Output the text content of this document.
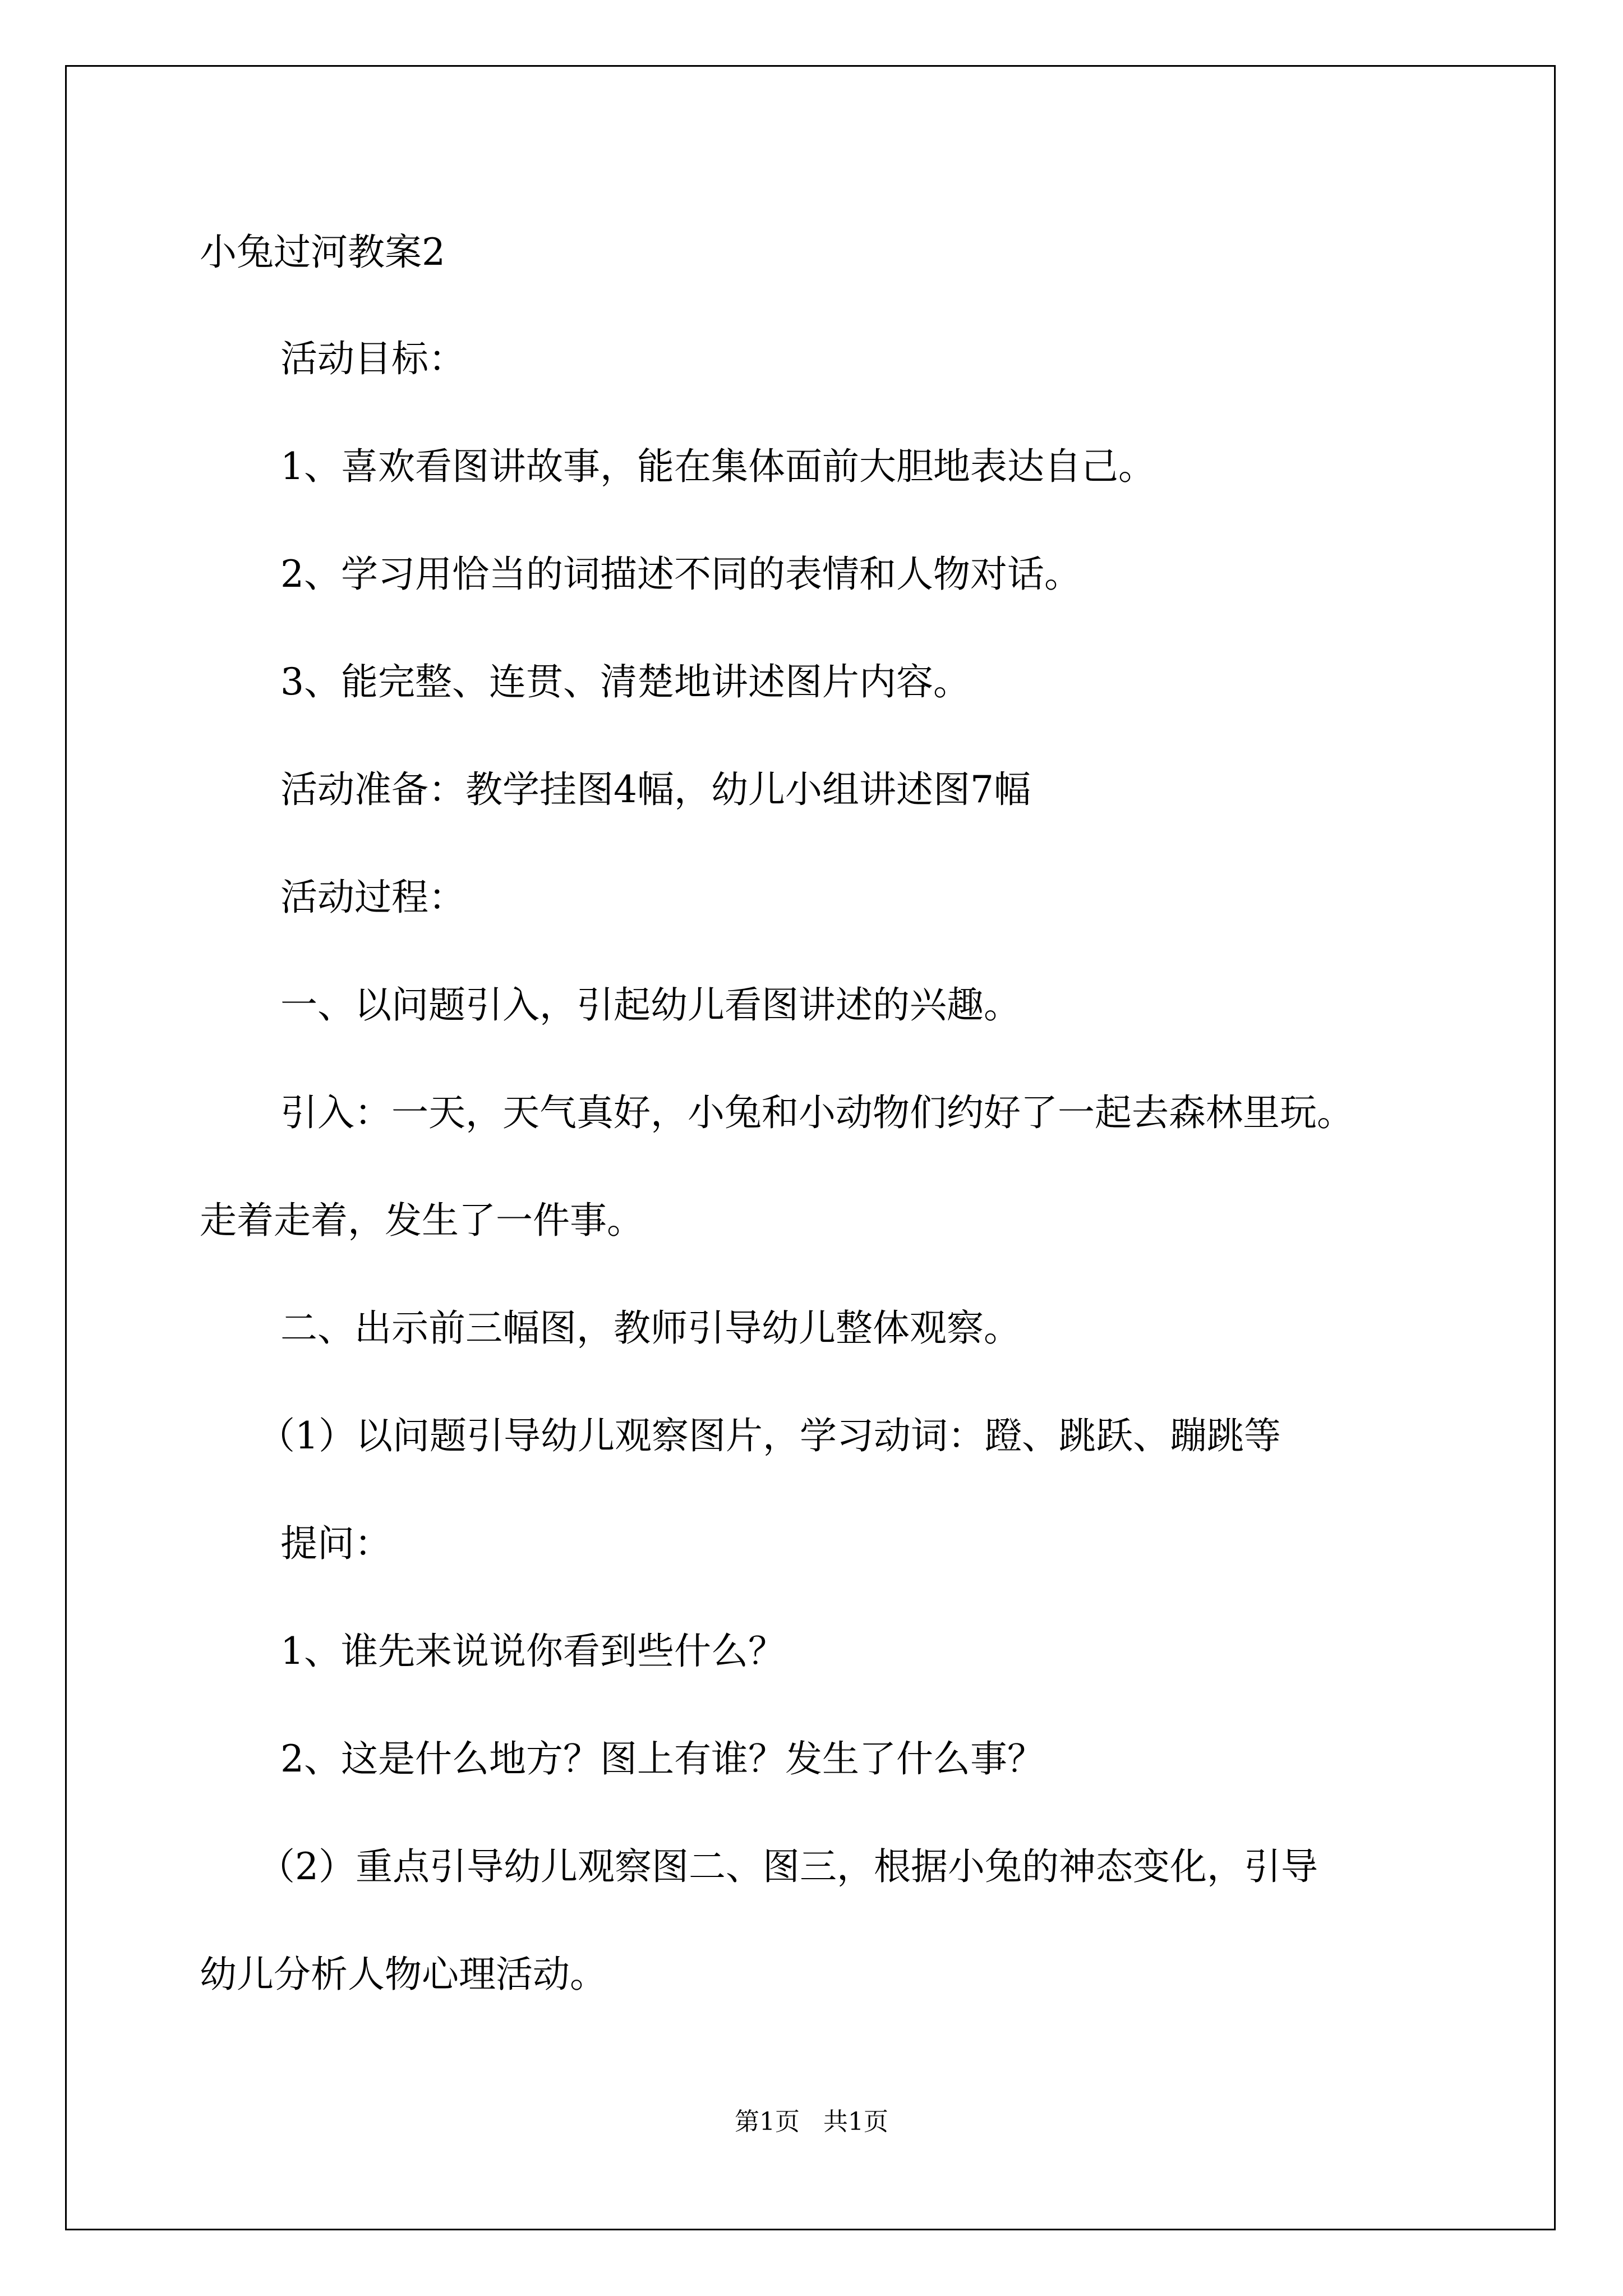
小兔过河教案2
活动目标：
1、喜欢看图讲故事，能在集体面前大胆地表达自己。
2、学习用恰当的词描述不同的表情和人物对话。
3、能完整、连贯、清楚地讲述图片内容。
活动准备：教学挂图4幅，幼儿小组讲述图7幅
活动过程：
一、以问题引入，引起幼儿看图讲述的兴趣。
引入：一天，天气真好，小兔和小动物们约好了一起去森林里玩。
走着走着，发生了一件事。
二、出示前三幅图，教师引导幼儿整体观察。
（1）以问题引导幼儿观察图片，学习动词：蹬、跳跃、蹦跳等
提问：
1、谁先来说说你看到些什么？
2、这是什么地方？图上有谁？发生了什么事？
（2）重点引导幼儿观察图二、图三，根据小兔的神态变化，引导
幼儿分析人物心理活动。
第1页   共1页
